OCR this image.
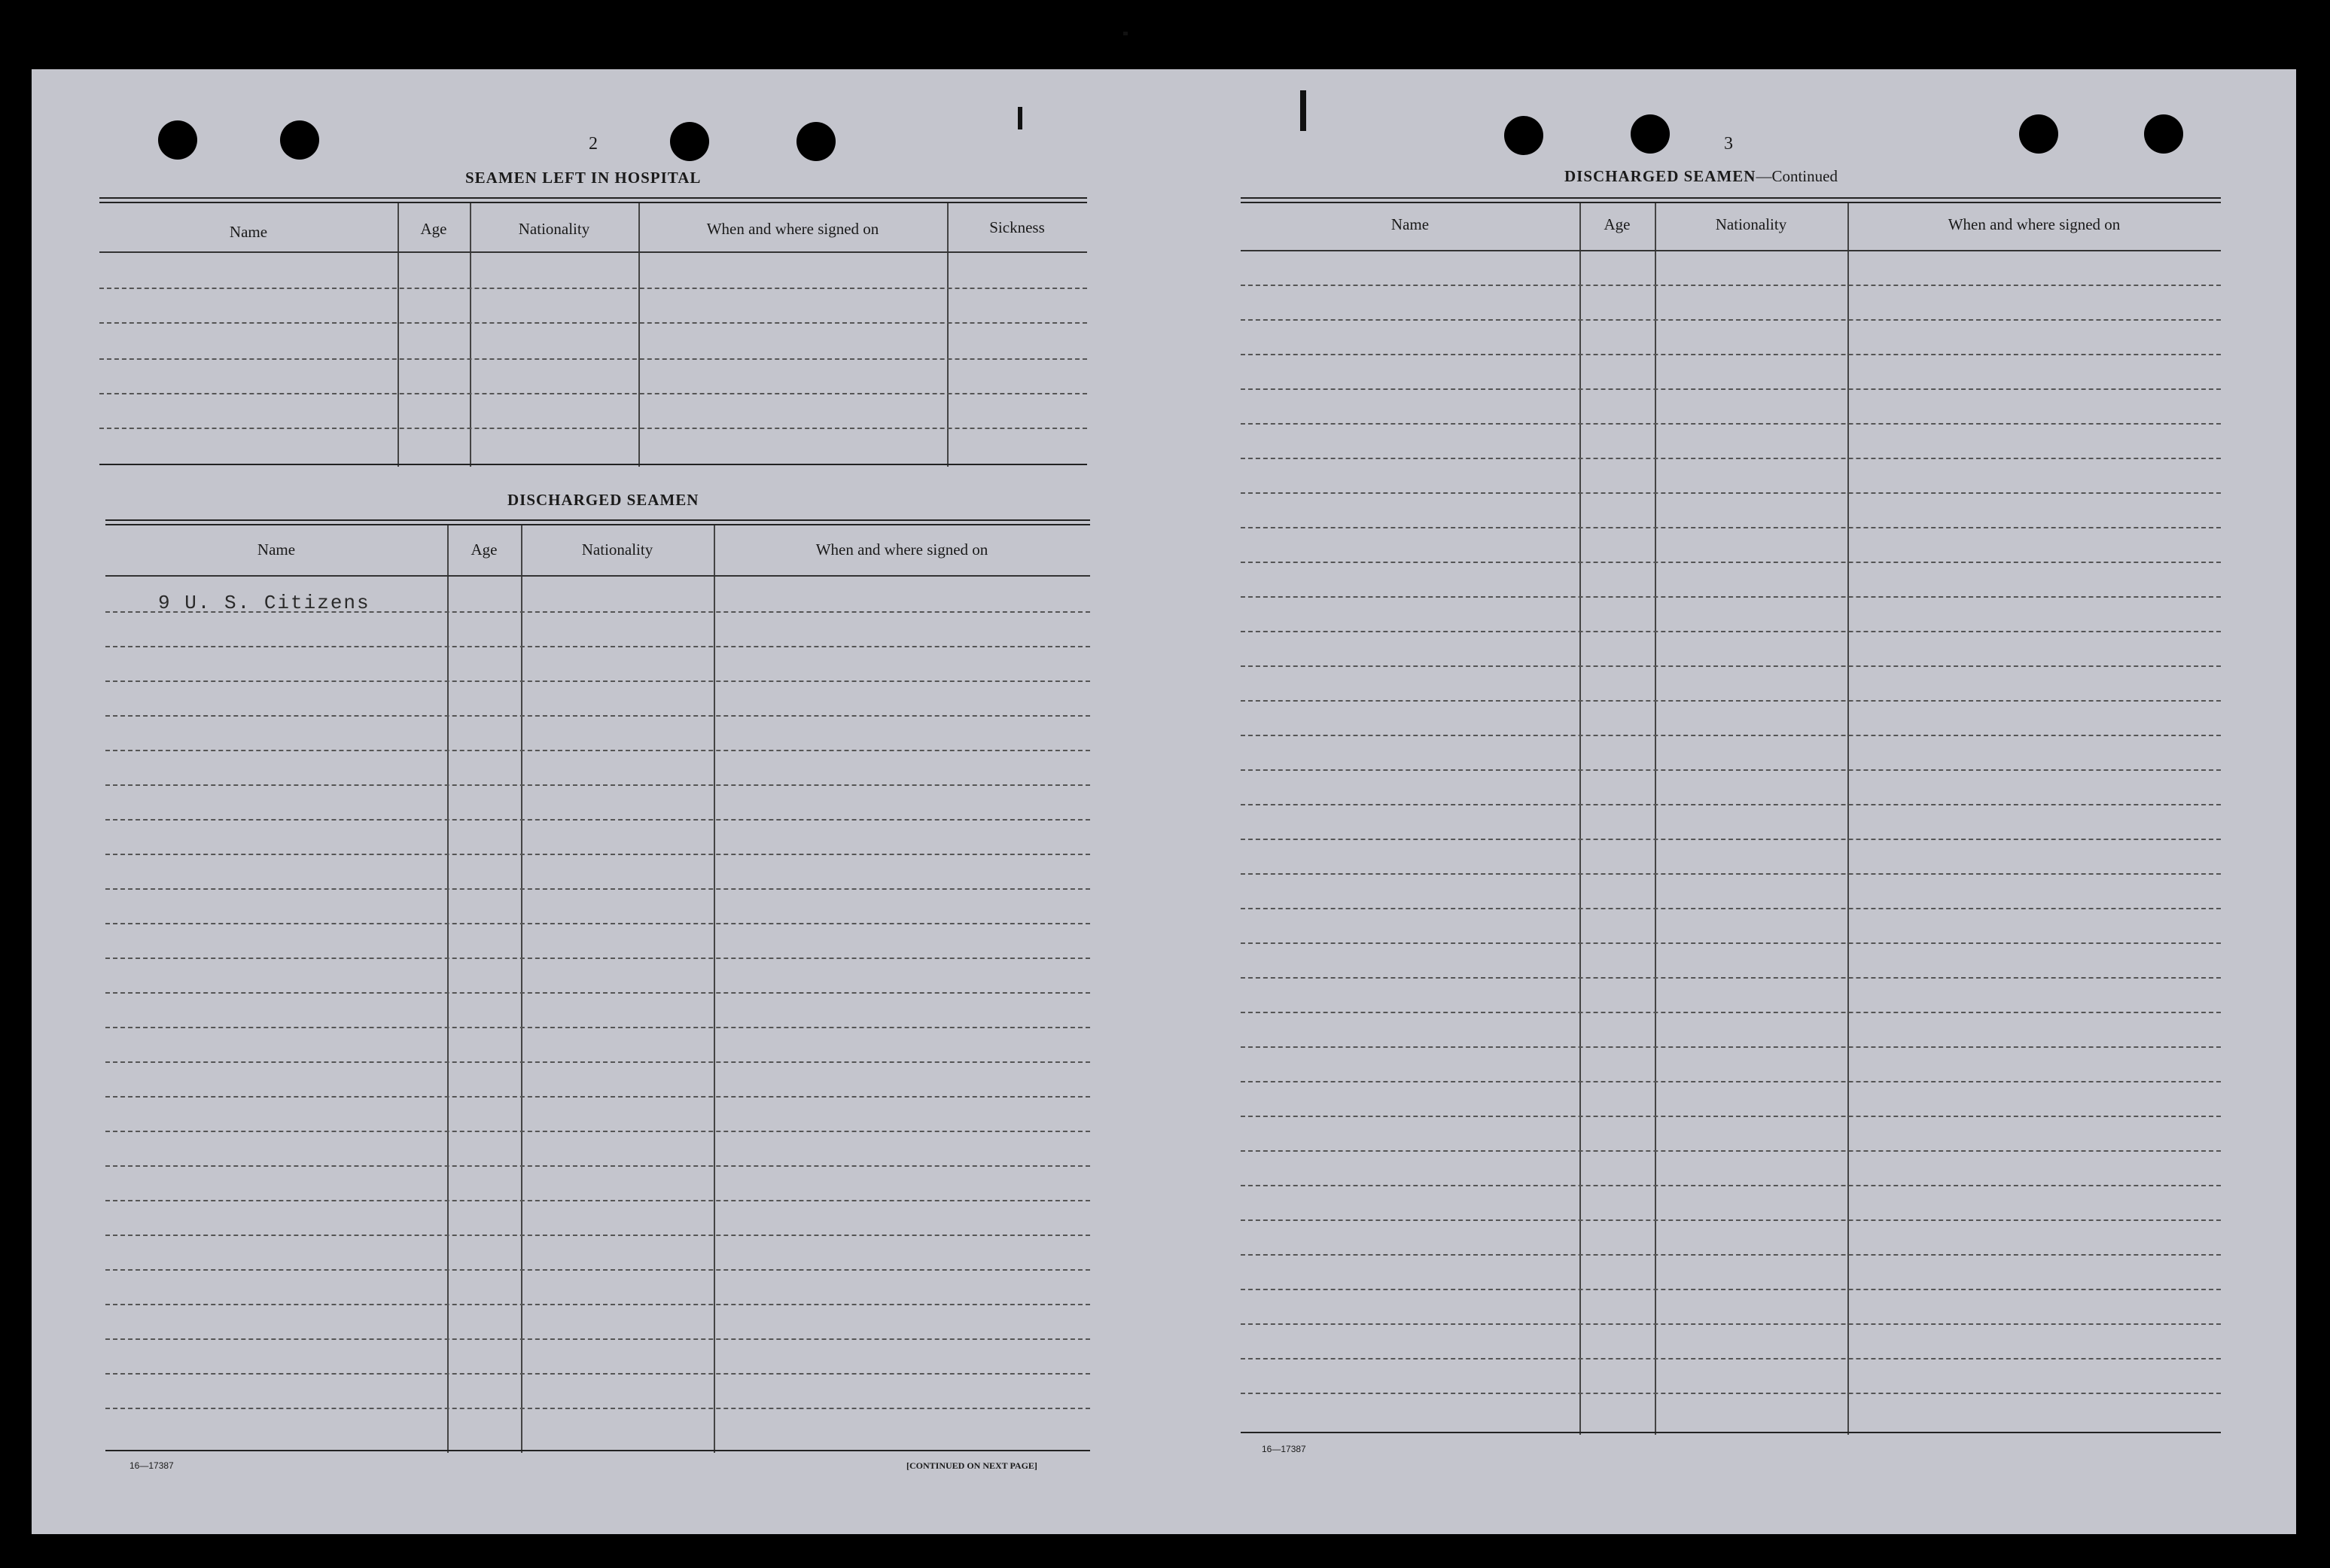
2
SEAMEN LEFT IN HOSPITAL
Name	Age	Nationality	When and where signed on	Sickness
DISCHARGED SEAMEN
Name	Age	Nationality	When and where signed on
9 U. S. Citizens
16—17387	[CONTINUED ON NEXT PAGE]
3
DISCHARGED SEAMEN—Continued
Name	Age	Nationality	When and where signed on
16—17387
